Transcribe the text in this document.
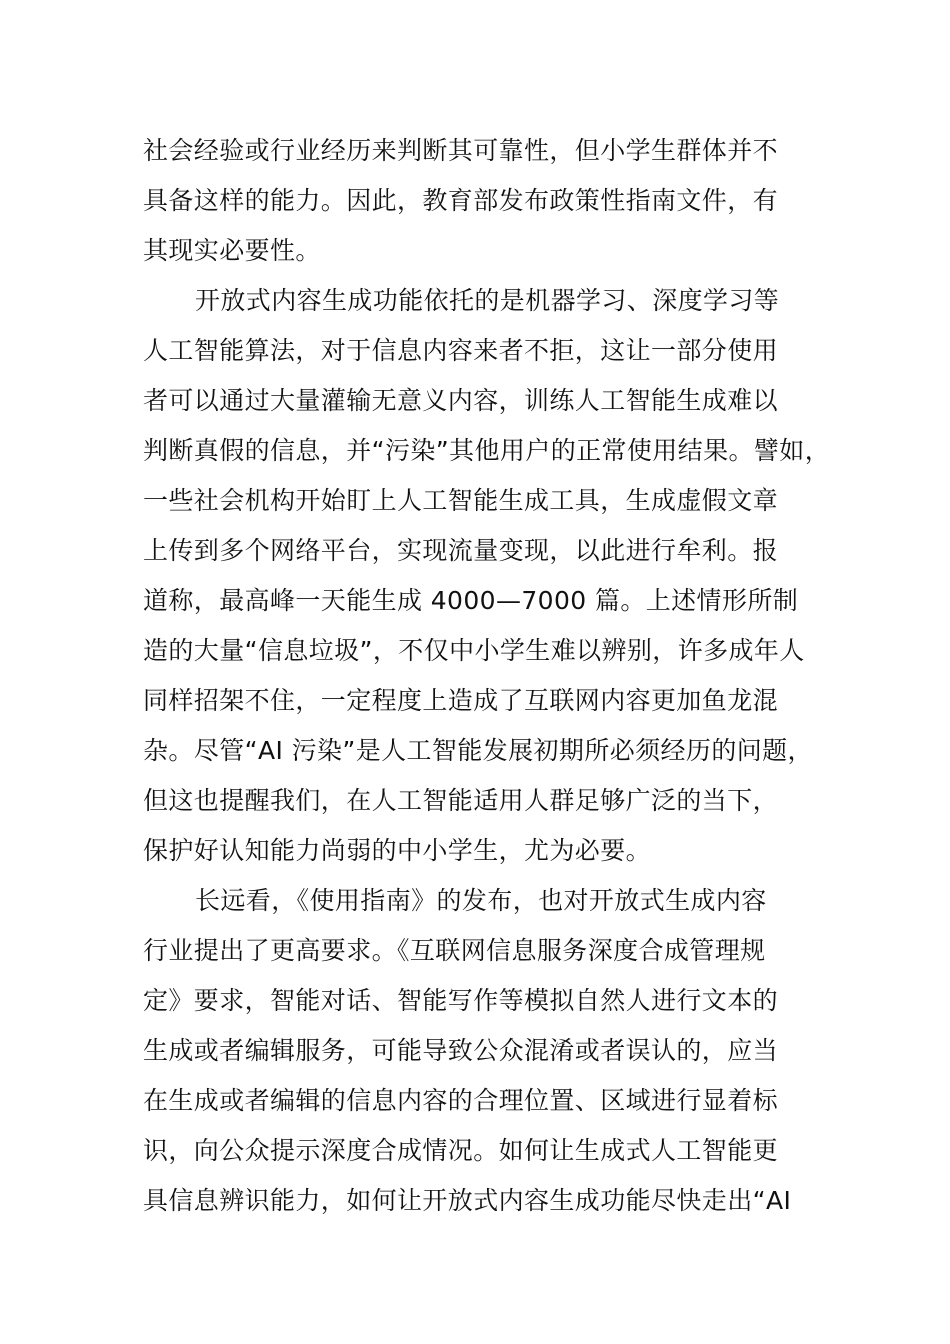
社会经验或行业经历来判断其可靠性，但小学生群体并不
具备这样的能力。因此，教育部发布政策性指南文件，有
其现实必要性。
开放式内容生成功能依托的是机器学习、深度学习等
人工智能算法，对于信息内容来者不拒，这让一部分使用
者可以通过大量灌输无意义内容，训练人工智能生成难以
判断真假的信息，并“污染”其他用户的正常使用结果。譬如，
一些社会机构开始盯上人工智能生成工具，生成虚假文章
上传到多个网络平台，实现流量变现，以此进行牟利。报
道称，最高峰一天能生成 4000—7000 篇。上述情形所制
造的大量“信息垃圾”，不仅中小学生难以辨别，许多成年人
同样招架不住，一定程度上造成了互联网内容更加鱼龙混
杂。尽管“AI 污染”是人工智能发展初期所必须经历的问题，
但这也提醒我们，在人工智能适用人群足够广泛的当下，
保护好认知能力尚弱的中小学生，尤为必要。
长远看，《使用指南》的发布，也对开放式生成内容
行业提出了更高要求。《互联网信息服务深度合成管理规
定》要求，智能对话、智能写作等模拟自然人进行文本的
生成或者编辑服务，可能导致公众混淆或者误认的，应当
在生成或者编辑的信息内容的合理位置、区域进行显着标
识，向公众提示深度合成情况。如何让生成式人工智能更
具信息辨识能力，如何让开放式内容生成功能尽快走出“AI
